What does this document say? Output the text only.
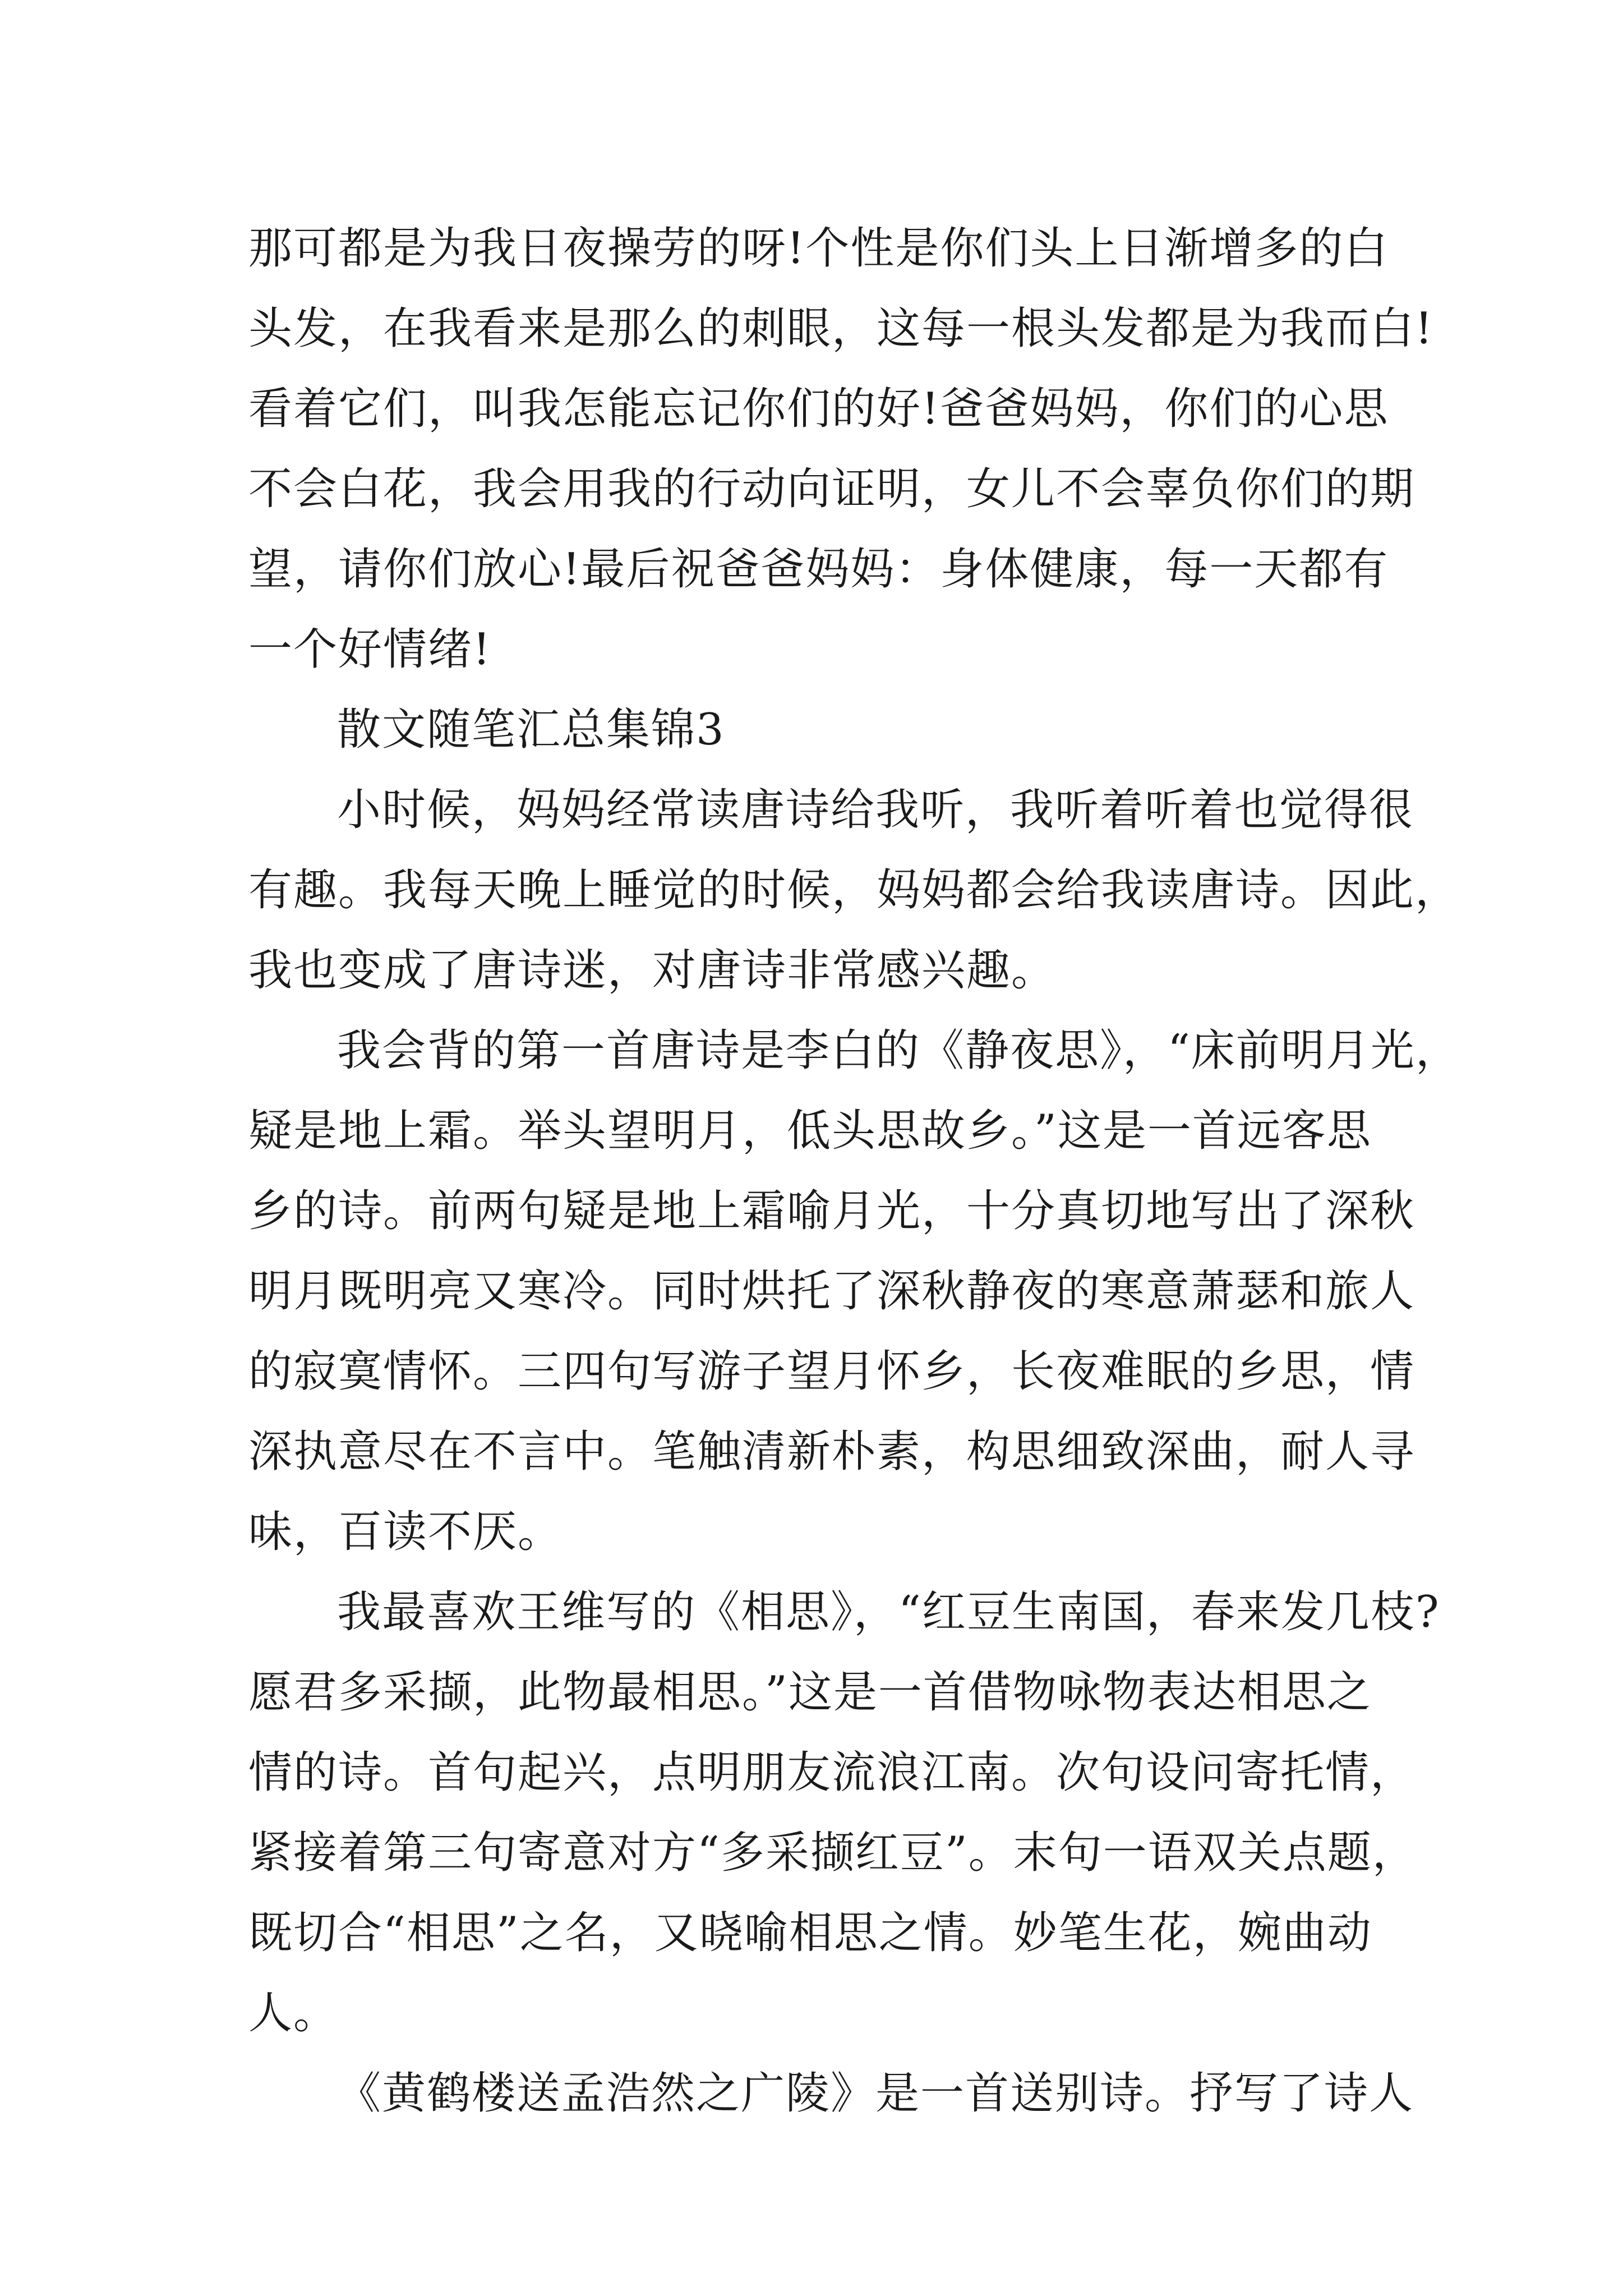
那可都是为我日夜操劳的呀!个性是你们头上日渐增多的白
头发，在我看来是那么的刺眼，这每一根头发都是为我而白!
看着它们，叫我怎能忘记你们的好!爸爸妈妈，你们的心思
不会白花，我会用我的行动向证明，女儿不会辜负你们的期
望，请你们放心!最后祝爸爸妈妈：身体健康，每一天都有
一个好情绪!
散文随笔汇总集锦3
小时候，妈妈经常读唐诗给我听，我听着听着也觉得很
有趣。我每天晚上睡觉的时候，妈妈都会给我读唐诗。因此，
我也变成了唐诗迷，对唐诗非常感兴趣。
我会背的第一首唐诗是李白的《静夜思》，“床前明月光，
疑是地上霜。举头望明月，低头思故乡。”这是一首远客思
乡的诗。前两句疑是地上霜喻月光，十分真切地写出了深秋
明月既明亮又寒冷。同时烘托了深秋静夜的寒意萧瑟和旅人
的寂寞情怀。三四句写游子望月怀乡，长夜难眠的乡思，情
深执意尽在不言中。笔触清新朴素，构思细致深曲，耐人寻
味，百读不厌。
我最喜欢王维写的《相思》，“红豆生南国，春来发几枝?
愿君多采撷，此物最相思。”这是一首借物咏物表达相思之
情的诗。首句起兴，点明朋友流浪江南。次句设问寄托情，
紧接着第三句寄意对方“多采撷红豆”。末句一语双关点题，
既切合“相思”之名，又晓喻相思之情。妙笔生花，婉曲动
人。
《黄鹤楼送孟浩然之广陵》是一首送别诗。抒写了诗人
